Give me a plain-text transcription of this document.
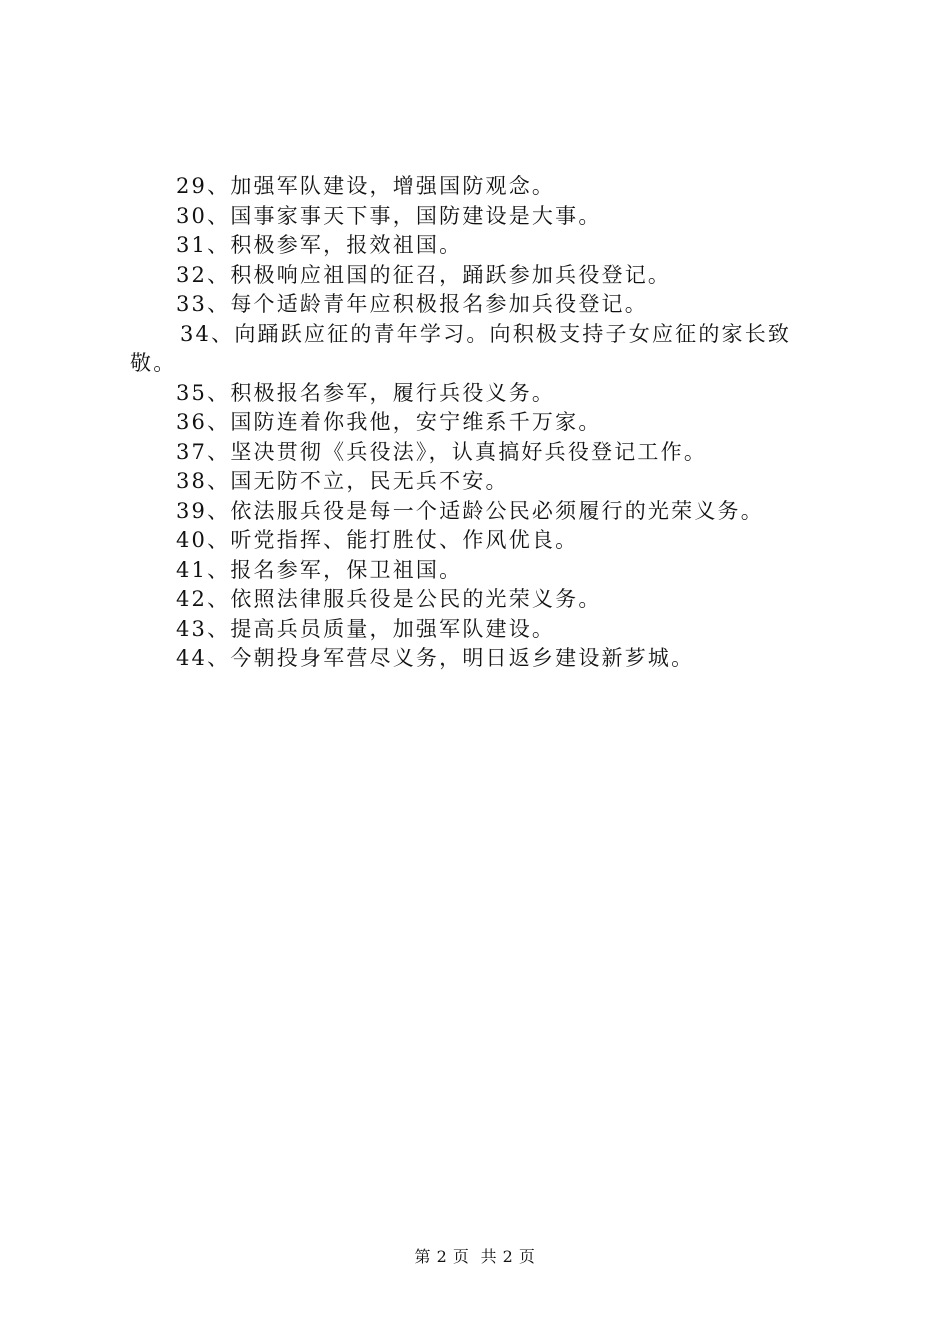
29、加强军队建设，增强国防观念。
30、国事家事天下事，国防建设是大事。
31、积极参军，报效祖国。
32、积极响应祖国的征召，踊跃参加兵役登记。
33、每个适龄青年应积极报名参加兵役登记。
34、向踊跃应征的青年学习。向积极支持子女应征的家长致敬。
35、积极报名参军，履行兵役义务。
36、国防连着你我他，安宁维系千万家。
37、坚决贯彻《兵役法》，认真搞好兵役登记工作。
38、国无防不立，民无兵不安。
39、依法服兵役是每一个适龄公民必须履行的光荣义务。
40、听党指挥、能打胜仗、作风优良。
41、报名参军，保卫祖国。
42、依照法律服兵役是公民的光荣义务。
43、提高兵员质量，加强军队建设。
44、今朝投身军营尽义务，明日返乡建设新芗城。
第 2 页  共 2 页
